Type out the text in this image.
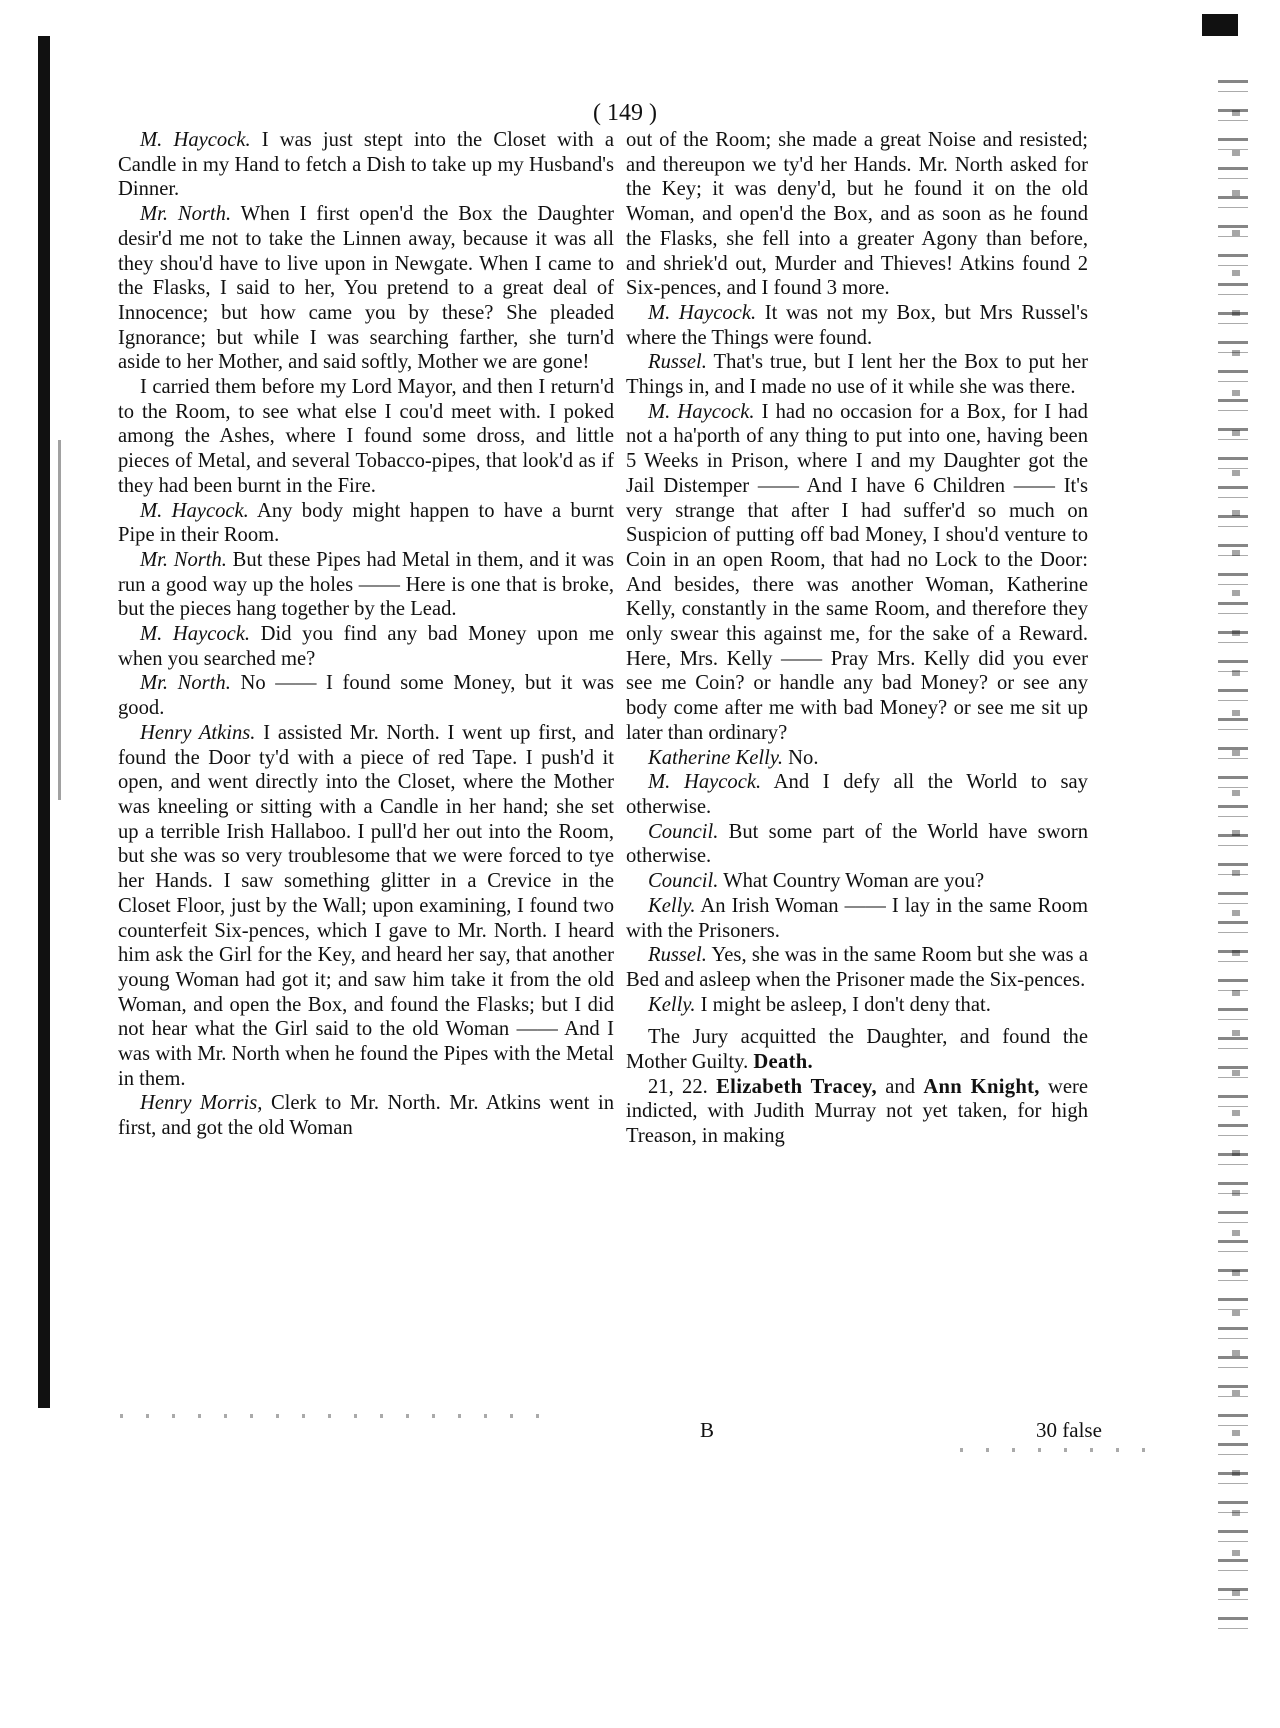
( 149 )

M. Haycock. I was just stept into the Closet with a Candle in my Hand to fetch a Dish to take up my Husband's Dinner.

Mr. North. When I first open'd the Box the Daughter desir'd me not to take the Linnen away, because it was all they shou'd have to live upon in Newgate. When I came to the Flasks, I said to her, You pretend to a great deal of Innocence; but how came you by these? She pleaded Ignorance; but while I was searching farther, she turn'd aside to her Mother, and said softly, Mother we are gone!

I carried them before my Lord Mayor, and then I return'd to the Room, to see what else I cou'd meet with. I poked among the Ashes, where I found some dross, and little pieces of Metal, and several Tobacco-pipes, that look'd as if they had been burnt in the Fire.

M. Haycock. Any body might happen to have a burnt Pipe in their Room.

Mr. North. But these Pipes had Metal in them, and it was run a good way up the holes —— Here is one that is broke, but the pieces hang together by the Lead.

M. Haycock. Did you find any bad Money upon me when you searched me?

Mr. North. No —— I found some Money, but it was good.

Henry Atkins. I assisted Mr. North. I went up first, and found the Door ty'd with a piece of red Tape. I push'd it open, and went directly into the Closet, where the Mother was kneeling or sitting with a Candle in her hand; she set up a terrible Irish Hallaboo. I pull'd her out into the Room, but she was so very troublesome that we were forced to tye her Hands. I saw something glitter in a Crevice in the Closet Floor, just by the Wall; upon examining, I found two counterfeit Six-pences, which I gave to Mr. North. I heard him ask the Girl for the Key, and heard her say, that another young Woman had got it; and saw him take it from the old Woman, and open the Box, and found the Flasks; but I did not hear what the Girl said to the old Woman —— And I was with Mr. North when he found the Pipes with the Metal in them.

Henry Morris, Clerk to Mr. North. Mr. Atkins went in first, and got the old Woman

out of the Room; she made a great Noise and resisted; and thereupon we ty'd her Hands. Mr. North asked for the Key; it was deny'd, but he found it on the old Woman, and open'd the Box, and as soon as he found the Flasks, she fell into a greater Agony than before, and shriek'd out, Murder and Thieves! Atkins found 2 Six-pences, and I found 3 more.

M. Haycock. It was not my Box, but Mrs Russel's where the Things were found.

Russel. That's true, but I lent her the Box to put her Things in, and I made no use of it while she was there.

M. Haycock. I had no occasion for a Box, for I had not a ha'porth of any thing to put into one, having been 5 Weeks in Prison, where I and my Daughter got the Jail Distemper —— And I have 6 Children —— It's very strange that after I had suffer'd so much on Suspicion of putting off bad Money, I shou'd venture to Coin in an open Room, that had no Lock to the Door: And besides, there was another Woman, Katherine Kelly, constantly in the same Room, and therefore they only swear this against me, for the sake of a Reward. Here, Mrs. Kelly —— Pray Mrs. Kelly did you ever see me Coin? or handle any bad Money? or see any body come after me with bad Money? or see me sit up later than ordinary?

Katherine Kelly. No.

M. Haycock. And I defy all the World to say otherwise.

Council. But some part of the World have sworn otherwise.

Council. What Country Woman are you?

Kelly. An Irish Woman —— I lay in the same Room with the Prisoners.

Russel. Yes, she was in the same Room but she was a Bed and asleep when the Prisoner made the Six-pences.

Kelly. I might be asleep, I don't deny that.

The Jury acquitted the Daughter, and found the Mother Guilty. Death.

21, 22. Elizabeth Tracey, and Ann Knight, were indicted, with Judith Murray not yet taken, for high Treason, in making

B	30 false
